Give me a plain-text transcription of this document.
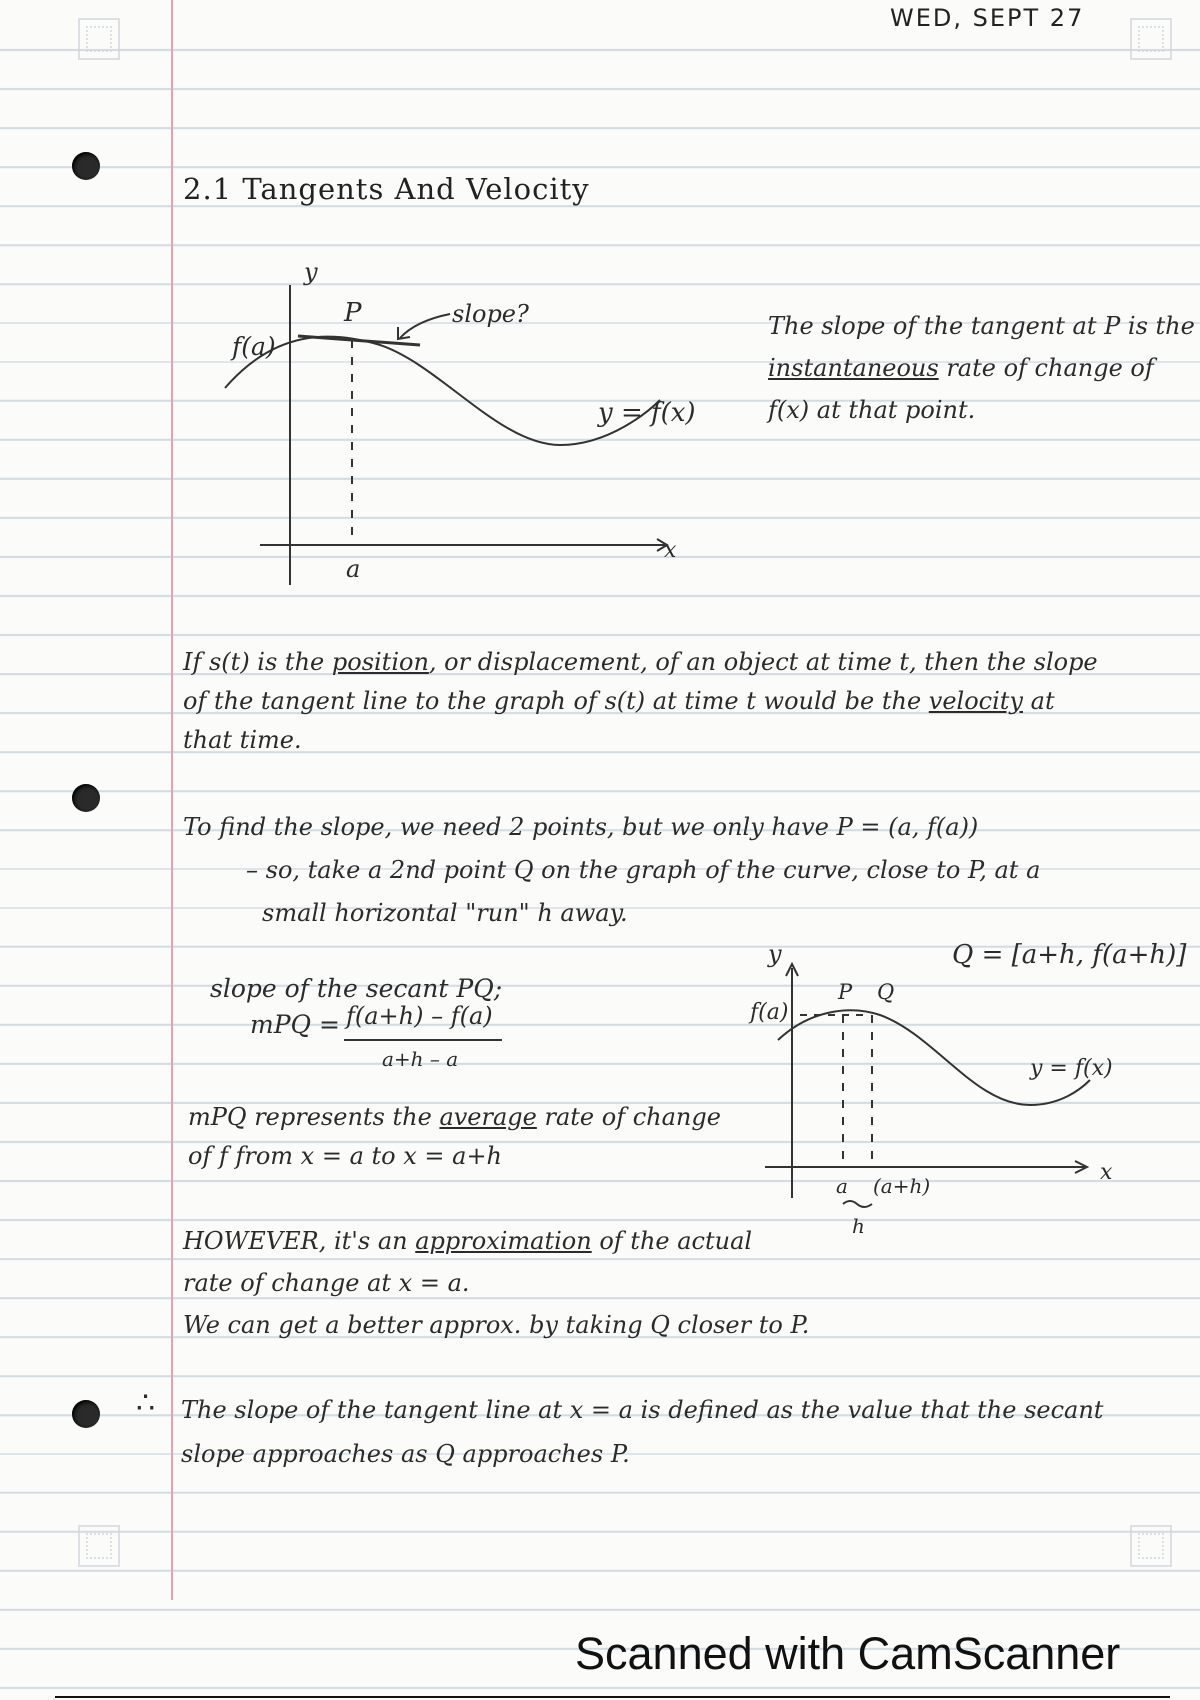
WED, SEPT 27
2.1 Tangents And Velocity
y
P
f(a)
slope?
y = f(x)
a
x
The slope of the tangent at P is the
instantaneous rate of change of
f(x) at that point.
If s(t) is the position, or displacement, of an object at time t, then the slope
of the tangent line to the graph of s(t) at time t would be the velocity at
that time.
To find the slope, we need 2 points, but we only have P = (a, f(a))
– so, take a 2nd point Q on the graph of the curve, close to P, at a
small horizontal "run" h away.
slope of the secant PQ;
mPQ = f(a+h) – f(a)
a+h – a
mPQ represents the average rate of change
of f from x = a to x = a+h
Q = [a+h, f(a+h)]
y
P Q
f(a)
y = f(x)
a (a+h)
h
x
HOWEVER, it's an approximation of the actual
rate of change at x = a.
We can get a better approx. by taking Q closer to P.
∴ The slope of the tangent line at x = a is defined as the value that the secant
slope approaches as Q approaches P.
Scanned with CamScanner
